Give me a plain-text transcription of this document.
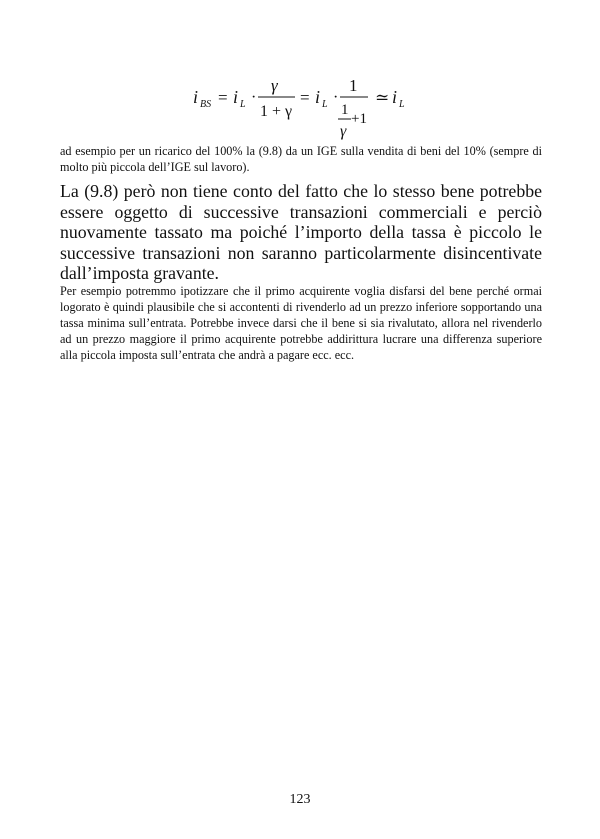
i BS = i L ·
γ
1 + γ
= i L ·
1
1
γ
+1
≃ i L

ad esempio per un ricarico del 100% la (9.8) da un IGE sulla vendita di beni del 10% (sempre di molto più piccola dell’IGE sul lavoro).

La (9.8) però non tiene conto del fatto che lo stesso bene potrebbe essere oggetto di successive transazioni commerciali e perciò nuovamente tassato ma poiché l’importo della tassa è piccolo le successive transazioni non saranno particolarmente disincentivate dall’imposta gravante.

Per esempio potremmo ipotizzare che il primo acquirente voglia disfarsi del bene perché ormai logorato è quindi plausibile che si accontenti di rivenderlo ad un prezzo inferiore sopportando una tassa minima sull’entrata. Potrebbe invece darsi che il bene si sia rivalutato, allora nel rivenderlo ad un prezzo maggiore il primo acquirente potrebbe addirittura lucrare una differenza superiore alla piccola imposta sull’entrata che andrà a pagare ecc. ecc.

123
